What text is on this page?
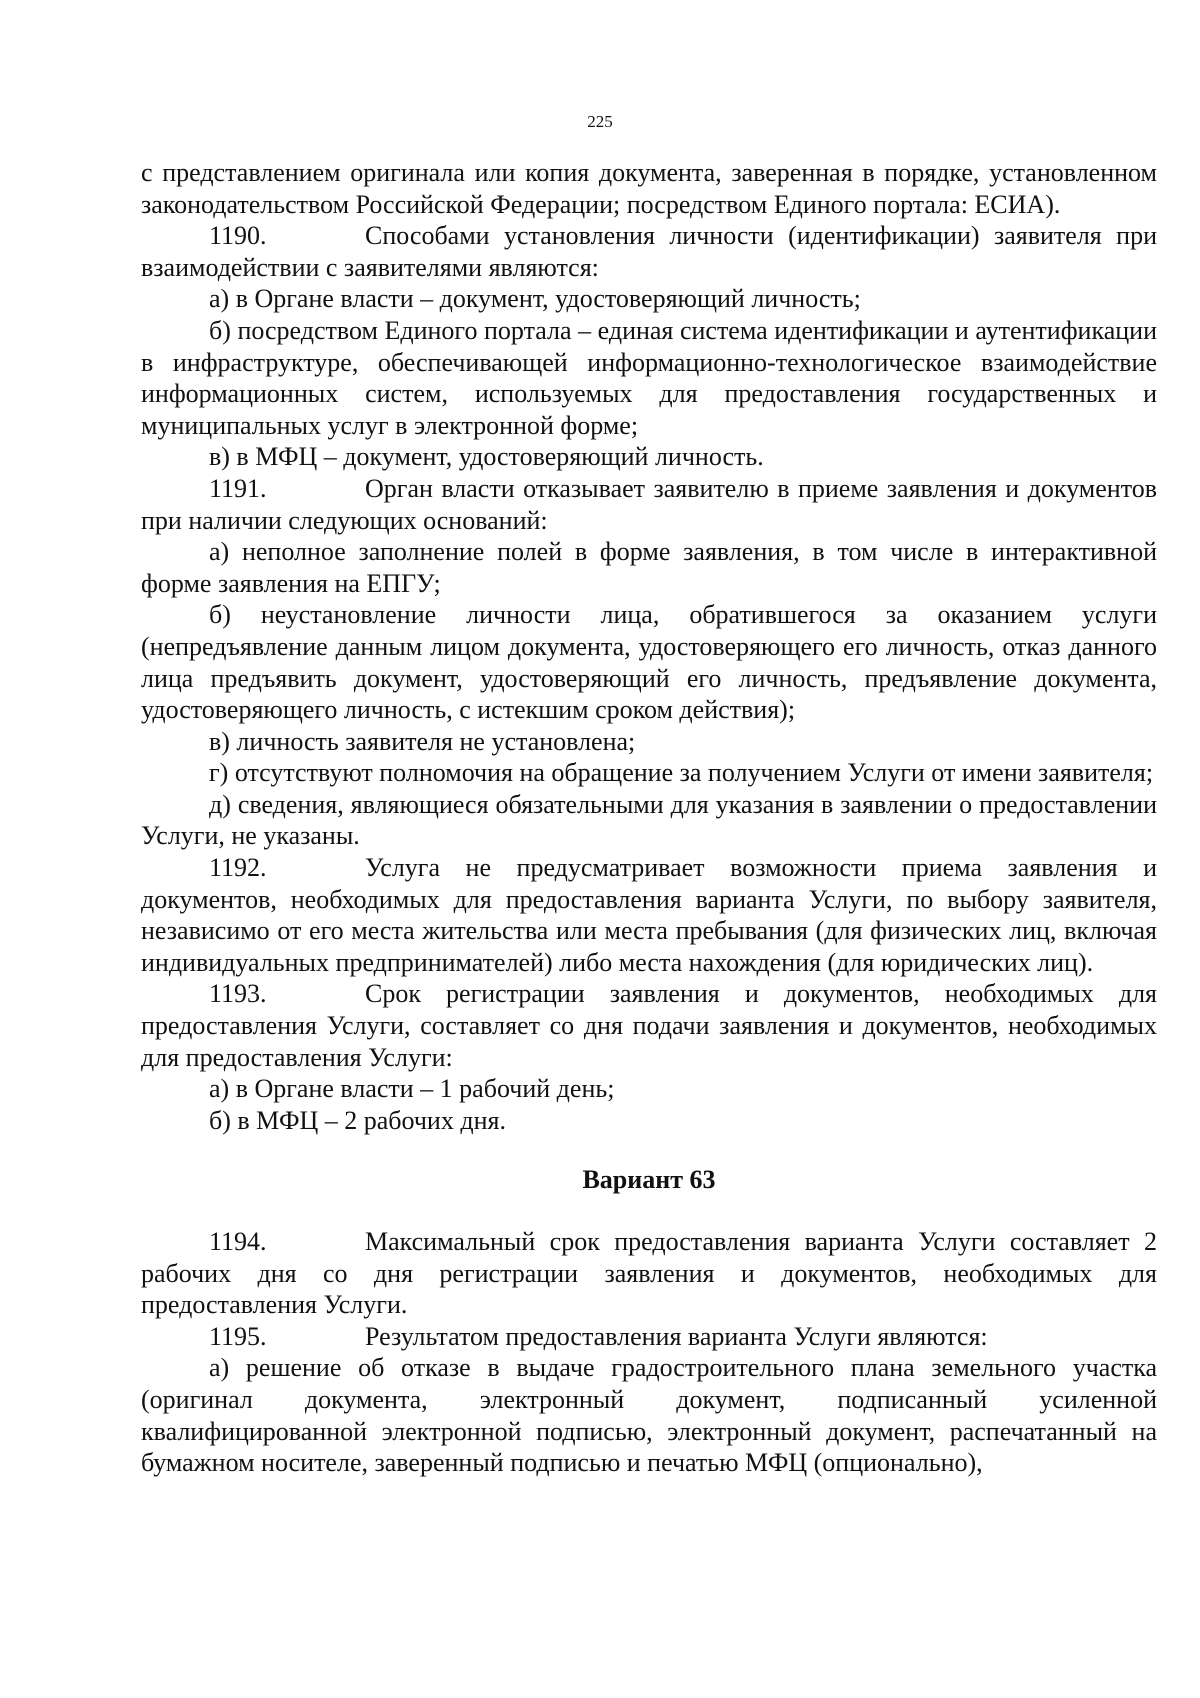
225

с представлением оригинала или копия документа, заверенная в порядке, установленном законодательством Российской Федерации; посредством Единого портала: ЕСИА).

1190.	Способами установления личности (идентификации) заявителя при взаимодействии с заявителями являются:

а) в Органе власти – документ, удостоверяющий личность;

б) посредством Единого портала – единая система идентификации и аутентификации в инфраструктуре, обеспечивающей информационно-технологическое взаимодействие информационных систем, используемых для предоставления государственных и муниципальных услуг в электронной форме;

в) в МФЦ – документ, удостоверяющий личность.

1191.	Орган власти отказывает заявителю в приеме заявления и документов при наличии следующих оснований:

а) неполное заполнение полей в форме заявления, в том числе в интерактивной форме заявления на ЕПГУ;

б) неустановление личности лица, обратившегося за оказанием услуги (непредъявление данным лицом документа, удостоверяющего его личность, отказ данного лица предъявить документ, удостоверяющий его личность, предъявление документа, удостоверяющего личность, с истекшим сроком действия);

в) личность заявителя не установлена;

г) отсутствуют полномочия на обращение за получением Услуги от имени заявителя;

д) сведения, являющиеся обязательными для указания в заявлении о предоставлении Услуги, не указаны.

1192.	Услуга не предусматривает возможности приема заявления и документов, необходимых для предоставления варианта Услуги, по выбору заявителя, независимо от его места жительства или места пребывания (для физических лиц, включая индивидуальных предпринимателей) либо места нахождения (для юридических лиц).

1193.	Срок регистрации заявления и документов, необходимых для предоставления Услуги, составляет со дня подачи заявления и документов, необходимых для предоставления Услуги:

а) в Органе власти – 1 рабочий день;

б) в МФЦ – 2 рабочих дня.

Вариант 63

1194.	Максимальный срок предоставления варианта Услуги составляет 2 рабочих дня со дня регистрации заявления и документов, необходимых для предоставления Услуги.

1195.	Результатом предоставления варианта Услуги являются:

а) решение об отказе в выдаче градостроительного плана земельного участка (оригинал документа, электронный документ, подписанный усиленной квалифицированной электронной подписью, электронный документ, распечатанный на бумажном носителе, заверенный подписью и печатью МФЦ (опционально),
